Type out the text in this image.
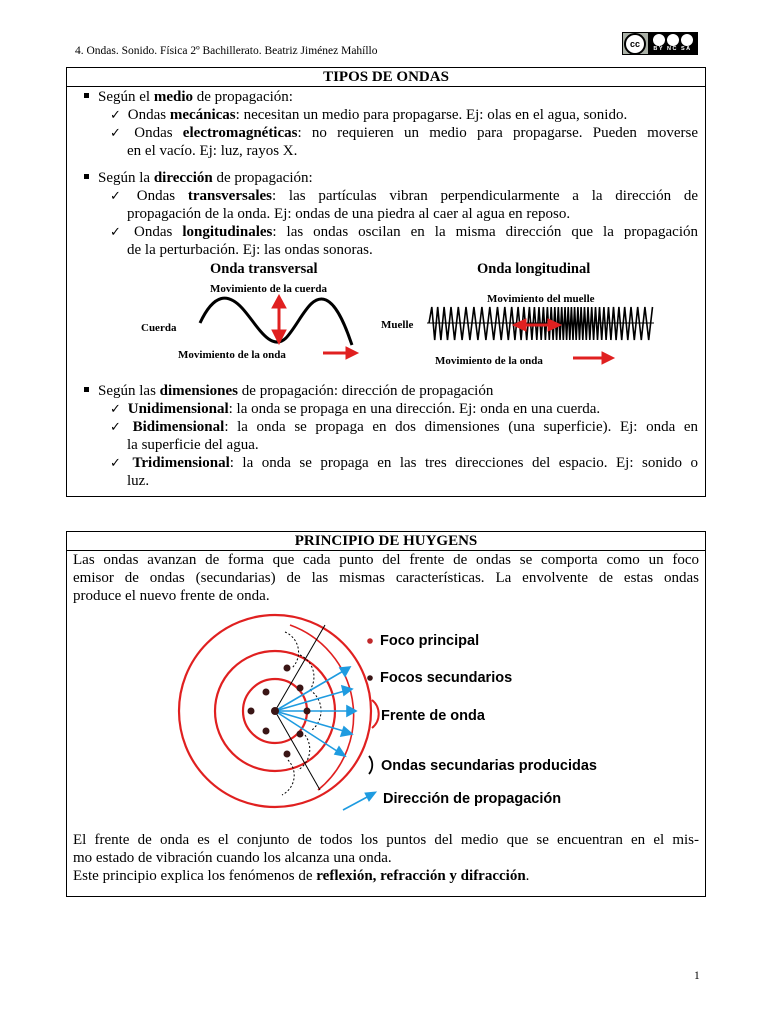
4. Ondas. Sonido. Física 2º Bachillerato. Beatriz Jiménez Mahíllo
cc
BY NC SA
TIPOS DE ONDAS
Según el medio de propagación:
✓ Ondas mecánicas: necesitan un medio para propagarse. Ej: olas en el agua, sonido.
✓ Ondas electromagnéticas: no requieren un medio para propagarse. Pueden moverse
en el vacío. Ej: luz, rayos X.
Según la dirección de propagación:
✓ Ondas transversales: las partículas vibran perpendicularmente a la dirección de
propagación de la onda. Ej: ondas de una piedra al caer al agua en reposo.
✓ Ondas longitudinales: las ondas oscilan en la misma dirección que la propagación
de la perturbación. Ej: las ondas sonoras.
Onda transversal	Onda longitudinal
Movimiento de la cuerda
Cuerda
Movimiento de la onda
Movimiento del muelle
Muelle
Movimiento de la onda
Según las dimensiones de propagación: dirección de propagación
✓ Unidimensional: la onda se propaga en una dirección. Ej: onda en una cuerda.
✓ Bidimensional: la onda se propaga en dos dimensiones (una superficie). Ej: onda en
la superficie del agua.
✓ Tridimensional: la onda se propaga en las tres direcciones del espacio. Ej: sonido o
luz.
PRINCIPIO DE HUYGENS
Las ondas avanzan de forma que cada punto del frente de ondas se comporta como un foco
emisor de ondas (secundarias) de las mismas características. La envolvente de estas ondas
produce el nuevo frente de onda.
Foco principal
Focos secundarios
Frente de onda
Ondas secundarias producidas
Dirección de propagación
El frente de onda es el conjunto de todos los puntos del medio que se encuentran en el mis-
mo estado de vibración cuando los alcanza una onda.
Este principio explica los fenómenos de reflexión, refracción y difracción.
1
